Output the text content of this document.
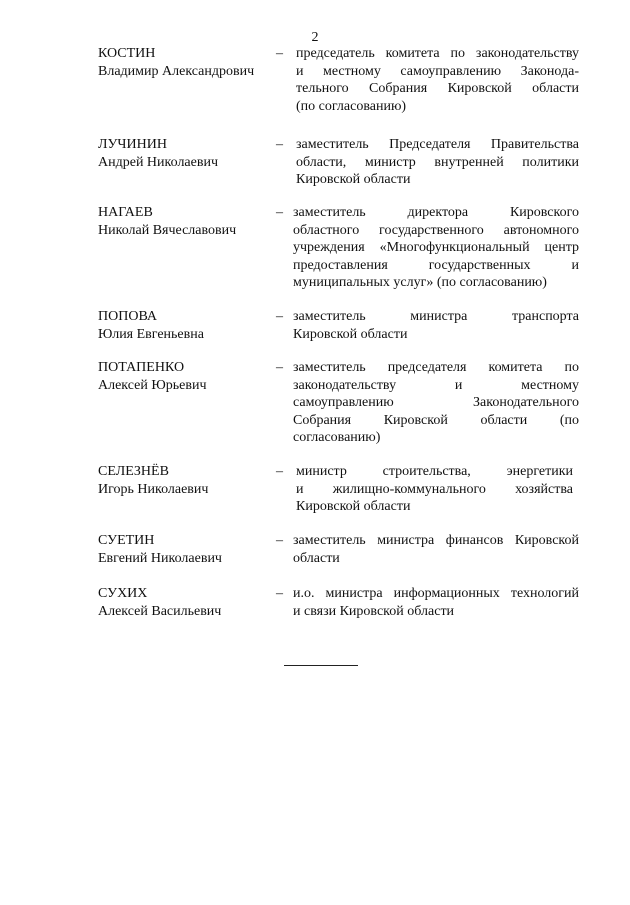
2
КОСТИН
Владимир Александрович
– председатель комитета по законодательству
и местному самоуправлению Законода-
тельного Собрания Кировской области
(по согласованию)
ЛУЧИНИН
Андрей Николаевич
– заместитель Председателя Правительства
области, министр внутренней политики
Кировской области
НАГАЕВ
Николай Вячеславович
– заместитель директора Кировского
областного государственного автономного
учреждения «Многофункциональный центр
предоставления государственных и
муниципальных услуг» (по согласованию)
ПОПОВА
Юлия Евгеньевна
– заместитель министра транспорта
Кировской области
ПОТАПЕНКО
Алексей Юрьевич
– заместитель председателя комитета по
законодательству и местному
самоуправлению Законодательного
Собрания Кировской области (по
согласованию)
СЕЛЕЗНЁВ
Игорь Николаевич
– министр строительства, энергетики
и жилищно-коммунального хозяйства
Кировской области
СУЕТИН
Евгений Николаевич
– заместитель министра финансов Кировской
области
СУХИХ
Алексей Васильевич
– и.о. министра информационных технологий
и связи Кировской области
